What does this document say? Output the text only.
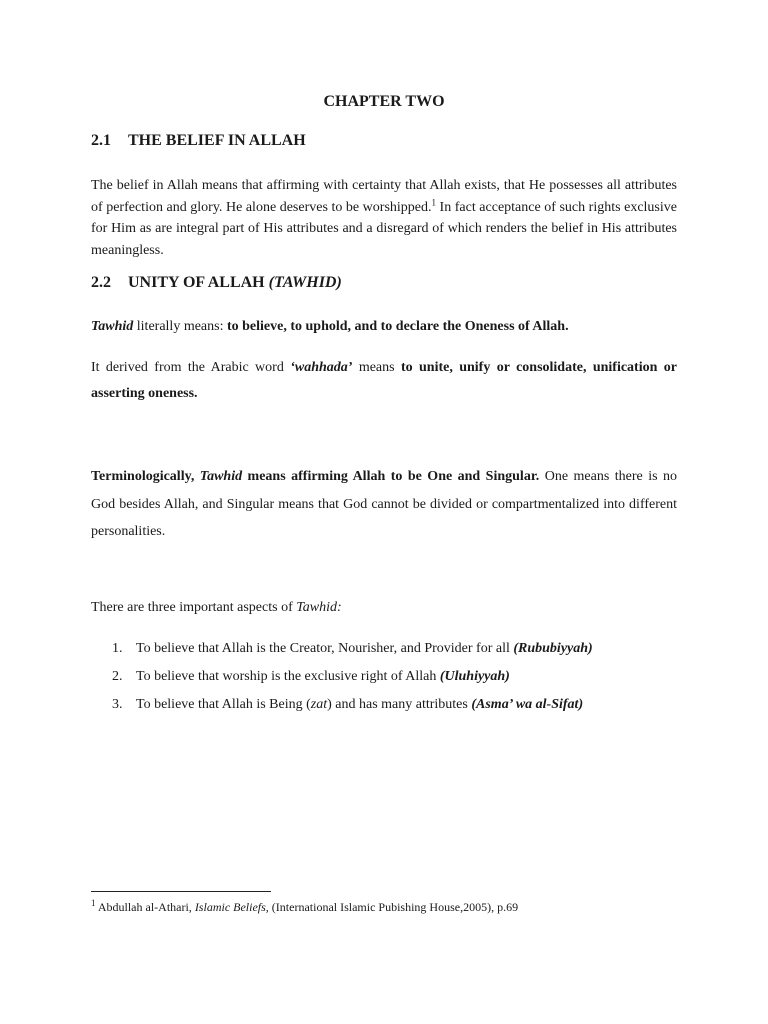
CHAPTER TWO
2.1 THE BELIEF IN ALLAH
The belief in Allah means that affirming with certainty that Allah exists, that He possesses all attributes of perfection and glory. He alone deserves to be worshipped.$^1$ In fact acceptance of such rights exclusive for Him as are integral part of His attributes and a disregard of which renders the belief in His attributes meaningless.
2.2 UNITY OF ALLAH (TAWHID)
Tawhid literally means: to believe, to uphold, and to declare the Oneness of Allah.
It derived from the Arabic word ‘wahhada’ means to unite, unify or consolidate, unification or asserting oneness.
Terminologically, Tawhid means affirming Allah to be One and Singular. One means there is no God besides Allah, and Singular means that God cannot be divided or compartmentalized into different personalities.
There are three important aspects of Tawhid:
1. To believe that Allah is the Creator, Nourisher, and Provider for all (Rububiyyah)
2. To believe that worship is the exclusive right of Allah (Uluhiyyah)
3. To believe that Allah is Being (zat) and has many attributes (Asma’ wa al-Sifat)
$^1$ Abdullah al-Athari, Islamic Beliefs, (International Islamic Pubishing House,2005), p.69
